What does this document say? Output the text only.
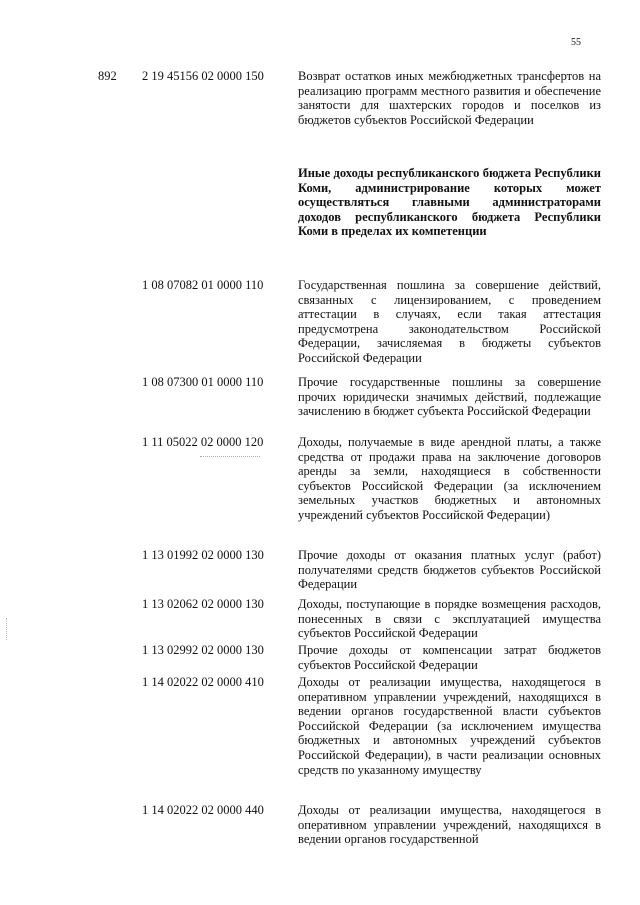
55
892	2 19 45156 02 0000 150	Возврат остатков иных межбюджетных трансфертов на реализацию программ местного развития и обеспечение занятости для шахтерских городов и поселков из бюджетов субъектов Российской Федерации
Иные доходы республиканского бюджета Республики Коми, администрирование которых может осуществляться главными администраторами доходов республиканского бюджета Республики Коми в пределах их компетенции
1 08 07082 01 0000 110	Государственная пошлина за совершение действий, связанных с лицензированием, с проведением аттестации в случаях, если такая аттестация предусмотрена законодательством Российской Федерации, зачисляемая в бюджеты субъектов Российской Федерации
1 08 07300 01 0000 110	Прочие государственные пошлины за совершение прочих юридически значимых действий, подлежащие зачислению в бюджет субъекта Российской Федерации
1 11 05022 02 0000 120	Доходы, получаемые в виде арендной платы, а также средства от продажи права на заключение договоров аренды за земли, находящиеся в собственности субъектов Российской Федерации (за исключением земельных участков бюджетных и автономных учреждений субъектов Российской Федерации)
1 13 01992 02 0000 130	Прочие доходы от оказания платных услуг (работ) получателями средств бюджетов субъектов Российской Федерации
1 13 02062 02 0000 130	Доходы, поступающие в порядке возмещения расходов, понесенных в связи с эксплуатацией имущества субъектов Российской Федерации
1 13 02992 02 0000 130	Прочие доходы от компенсации затрат бюджетов субъектов Российской Федерации
1 14 02022 02 0000 410	Доходы от реализации имущества, находящегося в оперативном управлении учреждений, находящихся в ведении органов государственной власти субъектов Российской Федерации (за исключением имущества бюджетных и автономных учреждений субъектов Российской Федерации), в части реализации основных средств по указанному имуществу
1 14 02022 02 0000 440	Доходы от реализации имущества, находящегося в оперативном управлении учреждений, находящихся в ведении органов государственной
